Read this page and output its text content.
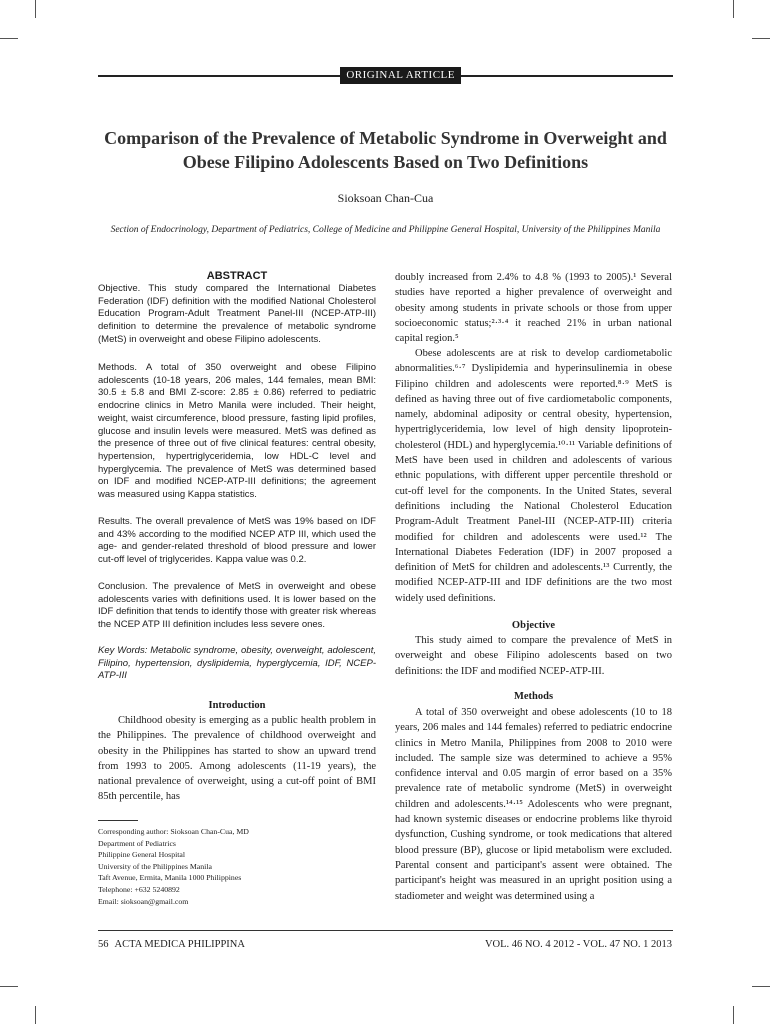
ORIGINAL ARTICLE
Comparison of the Prevalence of Metabolic Syndrome in Overweight and
Obese Filipino Adolescents Based on Two Definitions
Sioksoan Chan-Cua
Section of Endocrinology, Department of Pediatrics, College of Medicine and Philippine General Hospital, University of the Philippines Manila
ABSTRACT

Objective. This study compared the International Diabetes Federation (IDF) definition with the modified National Cholesterol Education Program-Adult Treatment Panel-III (NCEP-ATP-III) definition to determine the prevalence of metabolic syndrome (MetS) in overweight and obese Filipino adolescents.

Methods. A total of 350 overweight and obese Filipino adolescents (10-18 years, 206 males, 144 females, mean BMI: 30.5 ± 5.8 and BMI Z-score: 2.85 ± 0.86) referred to pediatric endocrine clinics in Metro Manila were included. Their height, weight, waist circumference, blood pressure, fasting lipid profiles, glucose and insulin levels were measured. MetS was defined as the presence of three out of five clinical features: central obesity, hypertension, hypertriglyceridemia, low HDL-C level and hyperglycemia. The prevalence of MetS was determined based on IDF and modified NCEP-ATP-III definitions; the agreement was measured using Kappa statistics.

Results. The overall prevalence of MetS was 19% based on IDF and 43% according to the modified NCEP ATP III, which used the age- and gender-related threshold of blood pressure and lower cut-off level of triglycerides. Kappa value was 0.2.

Conclusion. The prevalence of MetS in overweight and obese adolescents varies with definitions used. It is lower based on the IDF definition that tends to identify those with greater risk whereas the NCEP ATP III definition includes less severe ones.

Key Words: Metabolic syndrome, obesity, overweight, adolescent, Filipino, hypertension, dyslipidemia, hyperglycemia, IDF, NCEP-ATP-III

Introduction

Childhood obesity is emerging as a public health problem in the Philippines. The prevalence of childhood overweight and obesity in the Philippines has started to show an upward trend from 1993 to 2005. Among adolescents (11-19 years), the national prevalence of overweight, using a cut-off point of BMI 85th percentile, has

Corresponding author: Sioksoan Chan-Cua, MD
Department of Pediatrics
Philippine General Hospital
University of the Philippines Manila
Taft Avenue, Ermita, Manila 1000 Philippines
Telephone: +632 5240892
Email: sioksoan@gmail.com

doubly increased from 2.4% to 4.8 % (1993 to 2005).¹ Several studies have reported a higher prevalence of overweight and obesity among students in private schools or those from upper socioeconomic status;²·³·⁴ it reached 21% in urban national capital region.⁵

Obese adolescents are at risk to develop cardiometabolic abnormalities.⁶·⁷ Dyslipidemia and hyperinsulinemia in obese Filipino children and adolescents were reported.⁸·⁹ MetS is defined as having three out of five cardiometabolic components, namely, abdominal adiposity or central obesity, hypertension, hypertriglyceridemia, low level of high density lipoprotein-cholesterol (HDL) and hyperglycemia.¹⁰·¹¹ Variable definitions of MetS have been used in children and adolescents of various ethnic populations, with different upper percentile threshold or cut-off level for the components. In the United States, several definitions including the National Cholesterol Education Program-Adult Treatment Panel-III (NCEP-ATP-III) criteria modified for children and adolescents were used.¹² The International Diabetes Federation (IDF) in 2007 proposed a definition of MetS for children and adolescents.¹³ Currently, the modified NCEP-ATP-III and IDF definitions are the two most widely used definitions.

Objective

This study aimed to compare the prevalence of MetS in overweight and obese Filipino adolescents based on two definitions: the IDF and modified NCEP-ATP-III.

Methods

A total of 350 overweight and obese adolescents (10 to 18 years, 206 males and 144 females) referred to pediatric endocrine clinics in Metro Manila, Philippines from 2008 to 2010 were included. The sample size was determined to achieve a 95% confidence interval and 0.05 margin of error based on a 35% prevalence rate of metabolic syndrome (MetS) in overweight children and adolescents.¹⁴·¹⁵ Adolescents who were pregnant, had known systemic diseases or endocrine problems like thyroid dysfunction, Cushing syndrome, or took medications that altered blood pressure (BP), glucose or lipid metabolism were excluded. Parental consent and participant's assent were obtained. The participant's height was measured in an upright position using a stadiometer and weight was determined using a

56 ACTA MEDICA PHILIPPINA	VOL. 46 NO. 4 2012 - VOL. 47 NO. 1 2013
